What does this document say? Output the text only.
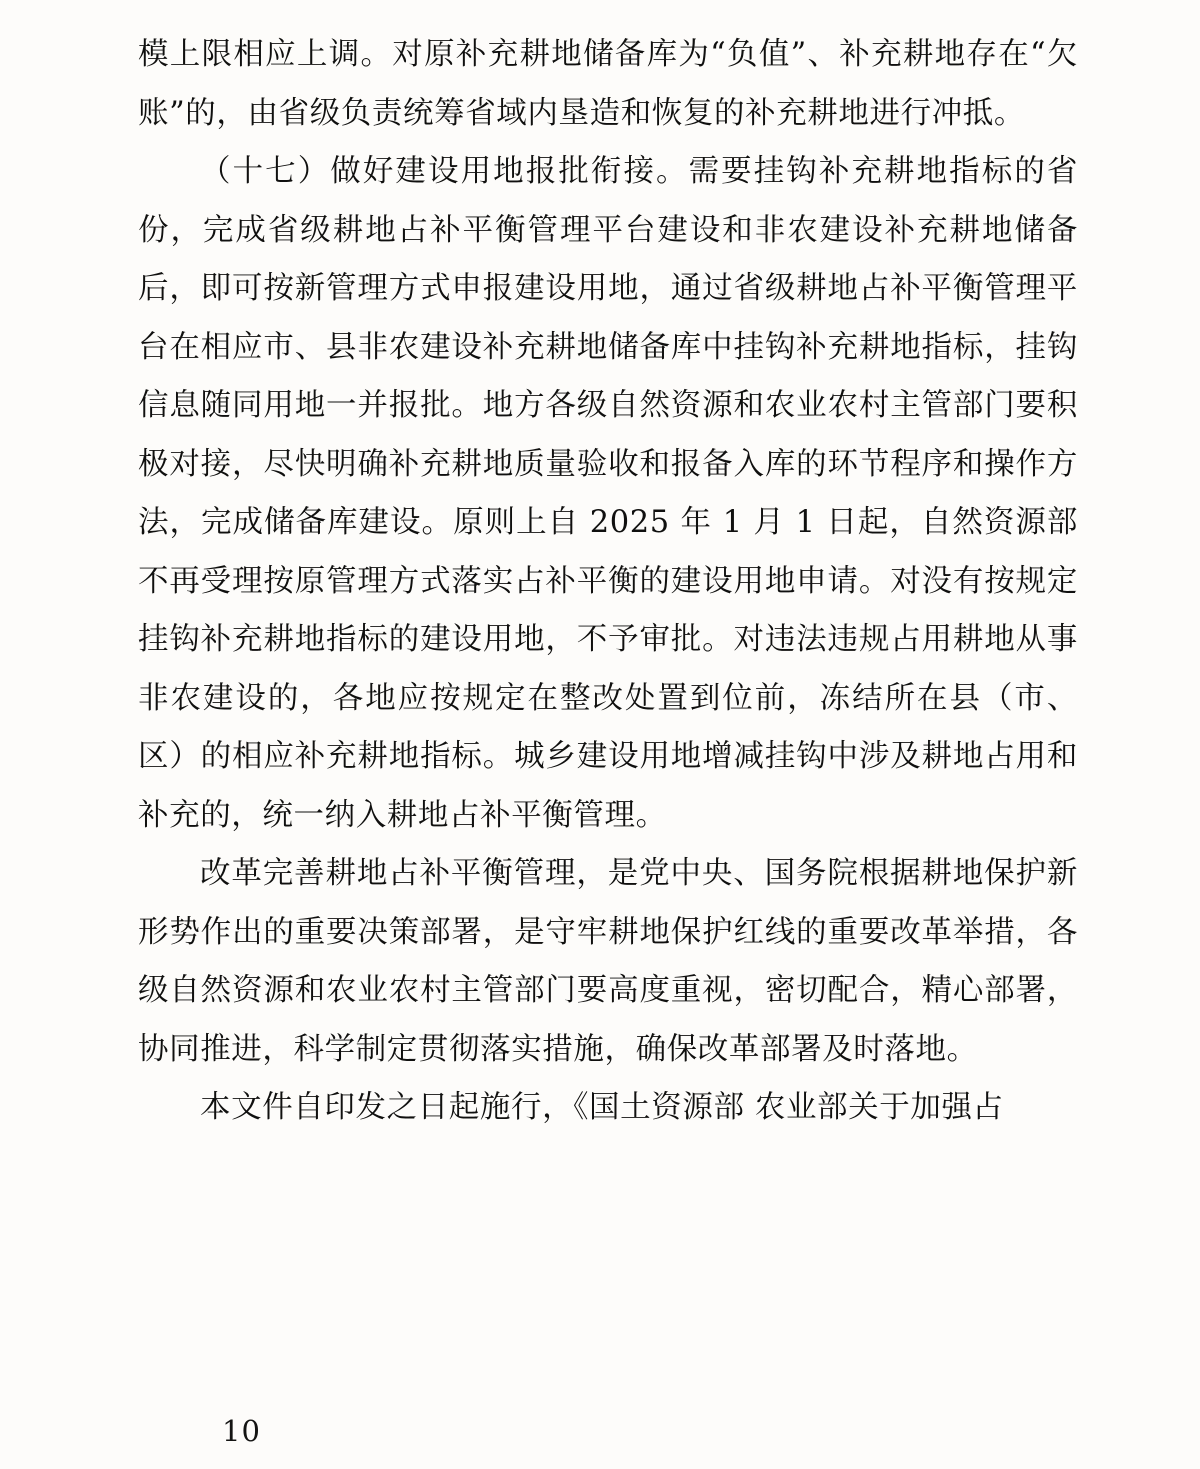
模上限相应上调。对原补充耕地储备库为“负值”、补充耕地存在“欠账”的，由省级负责统筹省域内垦造和恢复的补充耕地进行冲抵。

（十七）做好建设用地报批衔接。需要挂钩补充耕地指标的省份，完成省级耕地占补平衡管理平台建设和非农建设补充耕地储备后，即可按新管理方式申报建设用地，通过省级耕地占补平衡管理平台在相应市、县非农建设补充耕地储备库中挂钩补充耕地指标，挂钩信息随同用地一并报批。地方各级自然资源和农业农村主管部门要积极对接，尽快明确补充耕地质量验收和报备入库的环节程序和操作方法，完成储备库建设。原则上自 2025 年 1 月 1 日起，自然资源部不再受理按原管理方式落实占补平衡的建设用地申请。对没有按规定挂钩补充耕地指标的建设用地，不予审批。对违法违规占用耕地从事非农建设的，各地应按规定在整改处置到位前，冻结所在县（市、区）的相应补充耕地指标。城乡建设用地增减挂钩中涉及耕地占用和补充的，统一纳入耕地占补平衡管理。

改革完善耕地占补平衡管理，是党中央、国务院根据耕地保护新形势作出的重要决策部署，是守牢耕地保护红线的重要改革举措，各级自然资源和农业农村主管部门要高度重视，密切配合，精心部署，协同推进，科学制定贯彻落实措施，确保改革部署及时落地。

本文件自印发之日起施行，《国土资源部 农业部关于加强占

10
